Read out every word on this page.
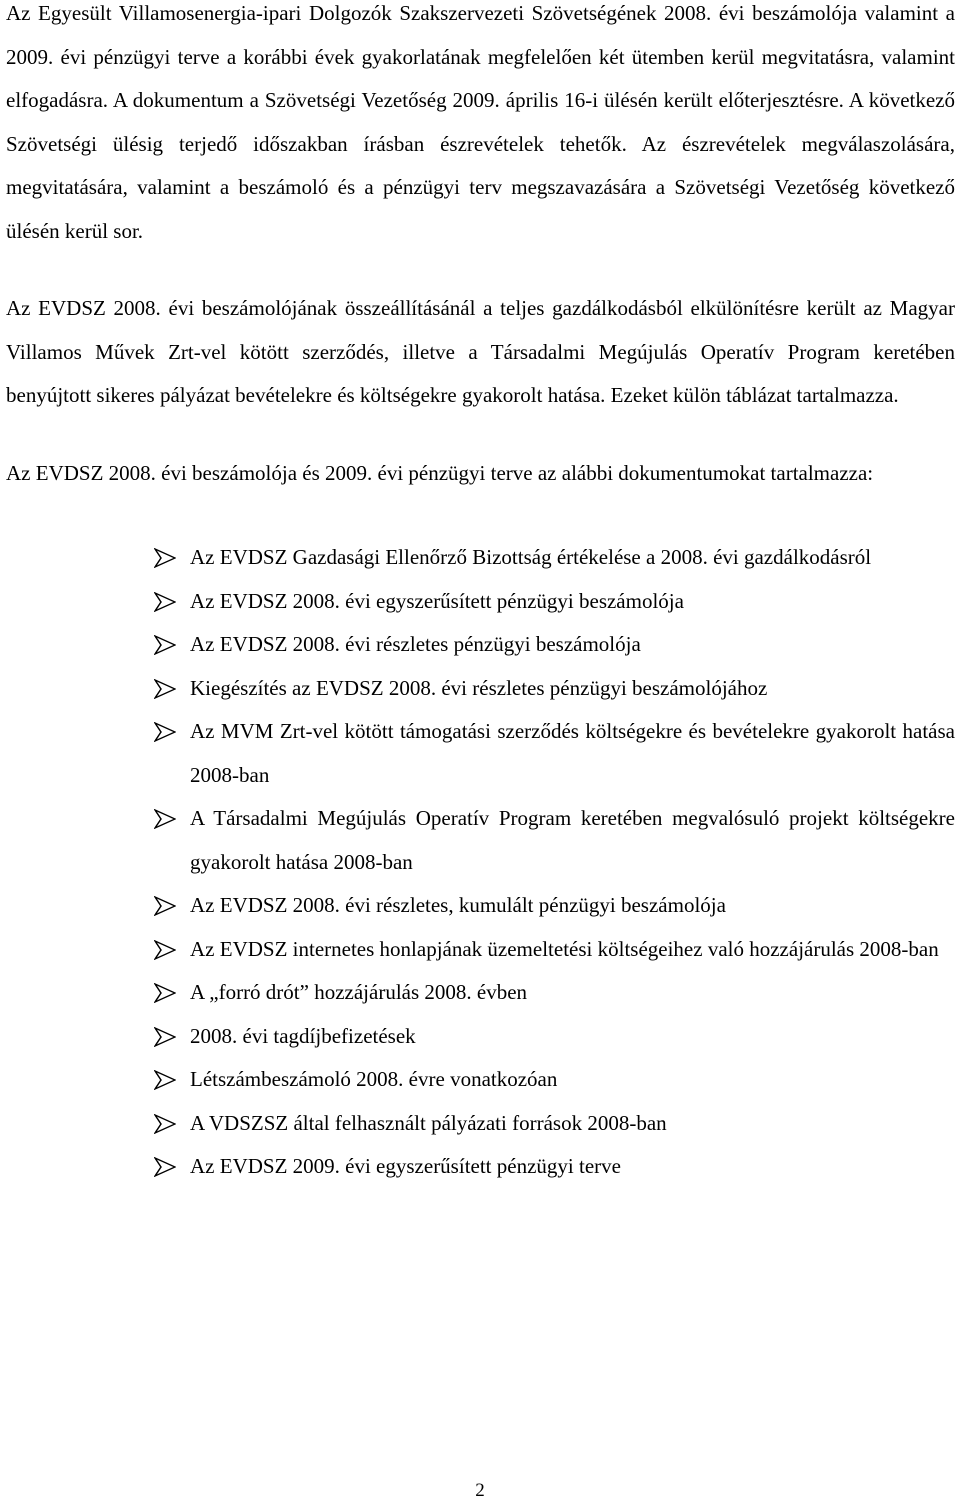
Az Egyesült Villamosenergia-ipari Dolgozók Szakszervezeti Szövetségének 2008. évi beszámolója valamint a 2009. évi pénzügyi terve a korábbi évek gyakorlatának megfelelően két ütemben kerül megvitatásra, valamint elfogadásra. A dokumentum a Szövetségi Vezetőség 2009. április 16-i ülésén került előterjesztésre. A következő Szövetségi ülésig terjedő időszakban írásban észrevételek tehetők. Az észrevételek megválaszolására, megvitatására, valamint a beszámoló és a pénzügyi terv megszavazására a Szövetségi Vezetőség következő ülésén kerül sor.

Az EVDSZ 2008. évi beszámolójának összeállításánál a teljes gazdálkodásból elkülönítésre került az Magyar Villamos Művek Zrt-vel kötött szerződés, illetve a Társadalmi Megújulás Operatív Program keretében benyújtott sikeres pályázat bevételekre és költségekre gyakorolt hatása. Ezeket külön táblázat tartalmazza.

Az EVDSZ 2008. évi beszámolója és 2009. évi pénzügyi terve az alábbi dokumentumokat tartalmazza:

Az EVDSZ Gazdasági Ellenőrző Bizottság értékelése a 2008. évi gazdálkodásról
Az EVDSZ 2008. évi egyszerűsített pénzügyi beszámolója
Az EVDSZ 2008. évi részletes pénzügyi beszámolója
Kiegészítés az EVDSZ 2008. évi részletes pénzügyi beszámolójához
Az MVM Zrt-vel kötött támogatási szerződés költségekre és bevételekre gyakorolt hatása 2008-ban
A Társadalmi Megújulás Operatív Program keretében megvalósuló projekt költségekre gyakorolt hatása 2008-ban
Az EVDSZ 2008. évi részletes, kumulált pénzügyi beszámolója
Az EVDSZ internetes honlapjának üzemeltetési költségeihez való hozzájárulás 2008-ban
A „forró drót” hozzájárulás 2008. évben
2008. évi tagdíjbefizetések
Létszámbeszámoló 2008. évre vonatkozóan
A VDSZSZ által felhasznált pályázati források 2008-ban
Az EVDSZ 2009. évi egyszerűsített pénzügyi terve
2
